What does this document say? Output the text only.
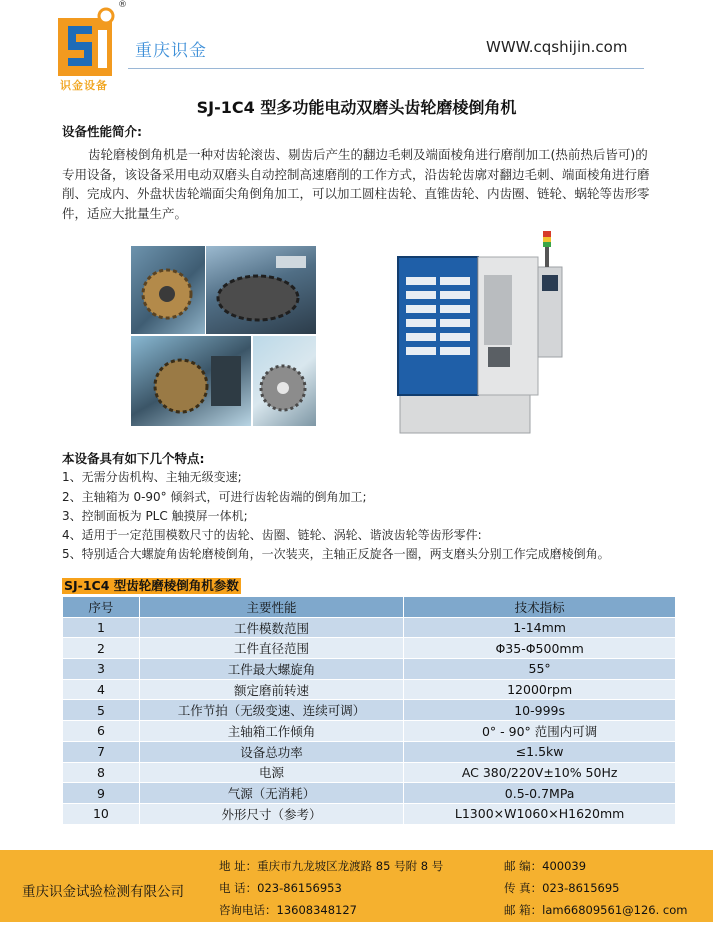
®
识金设备
重庆识金	WWW.cqshijin.com
SJ-1C4 型多功能电动双磨头齿轮磨棱倒角机
设备性能简介:

齿轮磨棱倒角机是一种对齿轮滚齿、剔齿后产生的翻边毛刺及端面棱角进行磨削加工(热前热后皆可)的专用设备，该设备采用电动双磨头自动控制高速磨削的工作方式，沿齿轮齿廓对翻边毛刺、端面棱角进行磨削、完成内、外盘状齿轮端面尖角倒角加工，可以加工圆柱齿轮、直锥齿轮、内齿圈、链轮、蜗轮等齿形零件，适应大批量生产。

本设备具有如下几个特点:
1、无需分齿机构、主轴无级变速;
2、主轴箱为 0-90° 倾斜式，可进行齿轮齿端的倒角加工;
3、控制面板为 PLC 触摸屏一体机;
4、适用于一定范围模数尺寸的齿轮、齿圈、链轮、涡轮、谐波齿轮等齿形零件:
5、特别适合大螺旋角齿轮磨棱倒角，一次装夹，主轴正反旋各一圈，两支磨头分别工作完成磨棱倒角。
SJ-1C4 型齿轮磨棱倒角机参数
序号	主要性能	技术指标
1	工件模数范围	1-14mm
2	工件直径范围	Φ35-Φ500mm
3	工件最大螺旋角	55°
4	额定磨前转速	12000rpm
5	工作节拍（无级变速、连续可调）	10-999s
6	主轴箱工作倾角	0° - 90° 范围内可调
7	设备总功率	≤1.5kw
8	电源	AC 380/220V±10% 50Hz
9	气源（无消耗）	0.5-0.7MPa
10	外形尺寸（参考）	L1300×W1060×H1620mm
重庆识金试验检测有限公司
地 址：重庆市九龙坡区龙渡路 85 号附 8 号
电 话：023-86156953
咨询电话：13608348127
邮 编：400039
传 真：023-8615695
邮 箱：lam66809561@126. com
